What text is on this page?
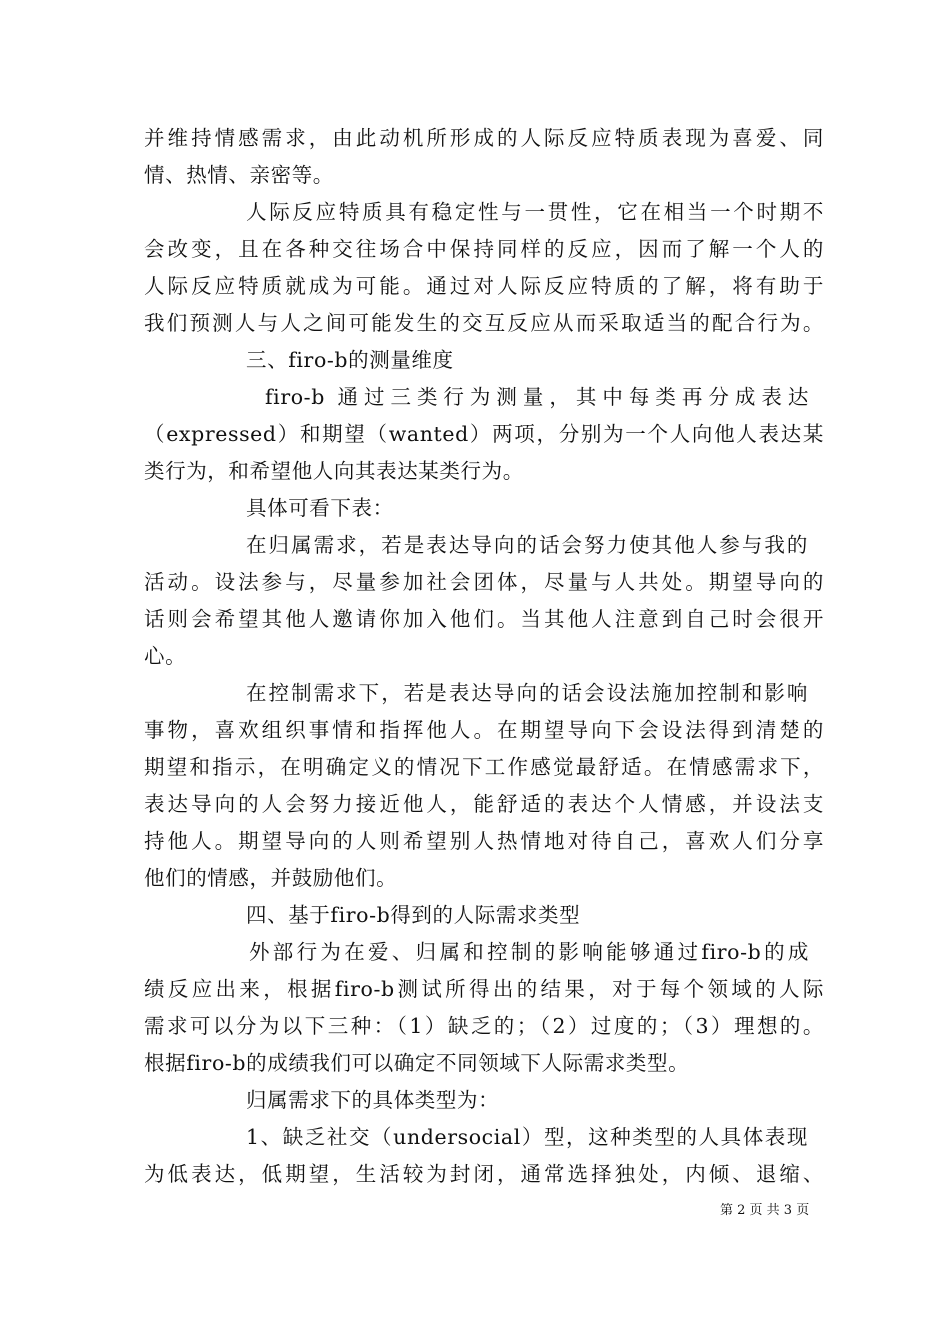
并维持情感需求，由此动机所形成的人际反应特质表现为喜爱、同
情、热情、亲密等。
人际反应特质具有稳定性与一贯性，它在相当一个时期不
会改变，且在各种交往场合中保持同样的反应，因而了解一个人的
人际反应特质就成为可能。通过对人际反应特质的了解，将有助于
我们预测人与人之间可能发生的交互反应从而采取适当的配合行为。
三、firo-b的测量维度
firo-b 通过三类行为测量，其中每类再分成表达
（expressed）和期望（wanted）两项，分别为一个人向他人表达某
类行为，和希望他人向其表达某类行为。
具体可看下表：
在归属需求，若是表达导向的话会努力使其他人参与我的
活动。设法参与，尽量参加社会团体，尽量与人共处。期望导向的
话则会希望其他人邀请你加入他们。当其他人注意到自己时会很开
心。
在控制需求下，若是表达导向的话会设法施加控制和影响
事物，喜欢组织事情和指挥他人。在期望导向下会设法得到清楚的
期望和指示，在明确定义的情况下工作感觉最舒适。在情感需求下，
表达导向的人会努力接近他人，能舒适的表达个人情感，并设法支
持他人。期望导向的人则希望别人热情地对待自己，喜欢人们分享
他们的情感，并鼓励他们。
四、基于firo-b得到的人际需求类型
外部行为在爱、归属和控制的影响能够通过firo-b的成
绩反应出来，根据firo-b测试所得出的结果，对于每个领域的人际
需求可以分为以下三种：（1）缺乏的；（2）过度的；（3）理想的。
根据firo-b的成绩我们可以确定不同领域下人际需求类型。
归属需求下的具体类型为：
1、缺乏社交（undersocial）型，这种类型的人具体表现
为低表达，低期望，生活较为封闭，通常选择独处，内倾、退缩、
第 2 页 共 3 页
